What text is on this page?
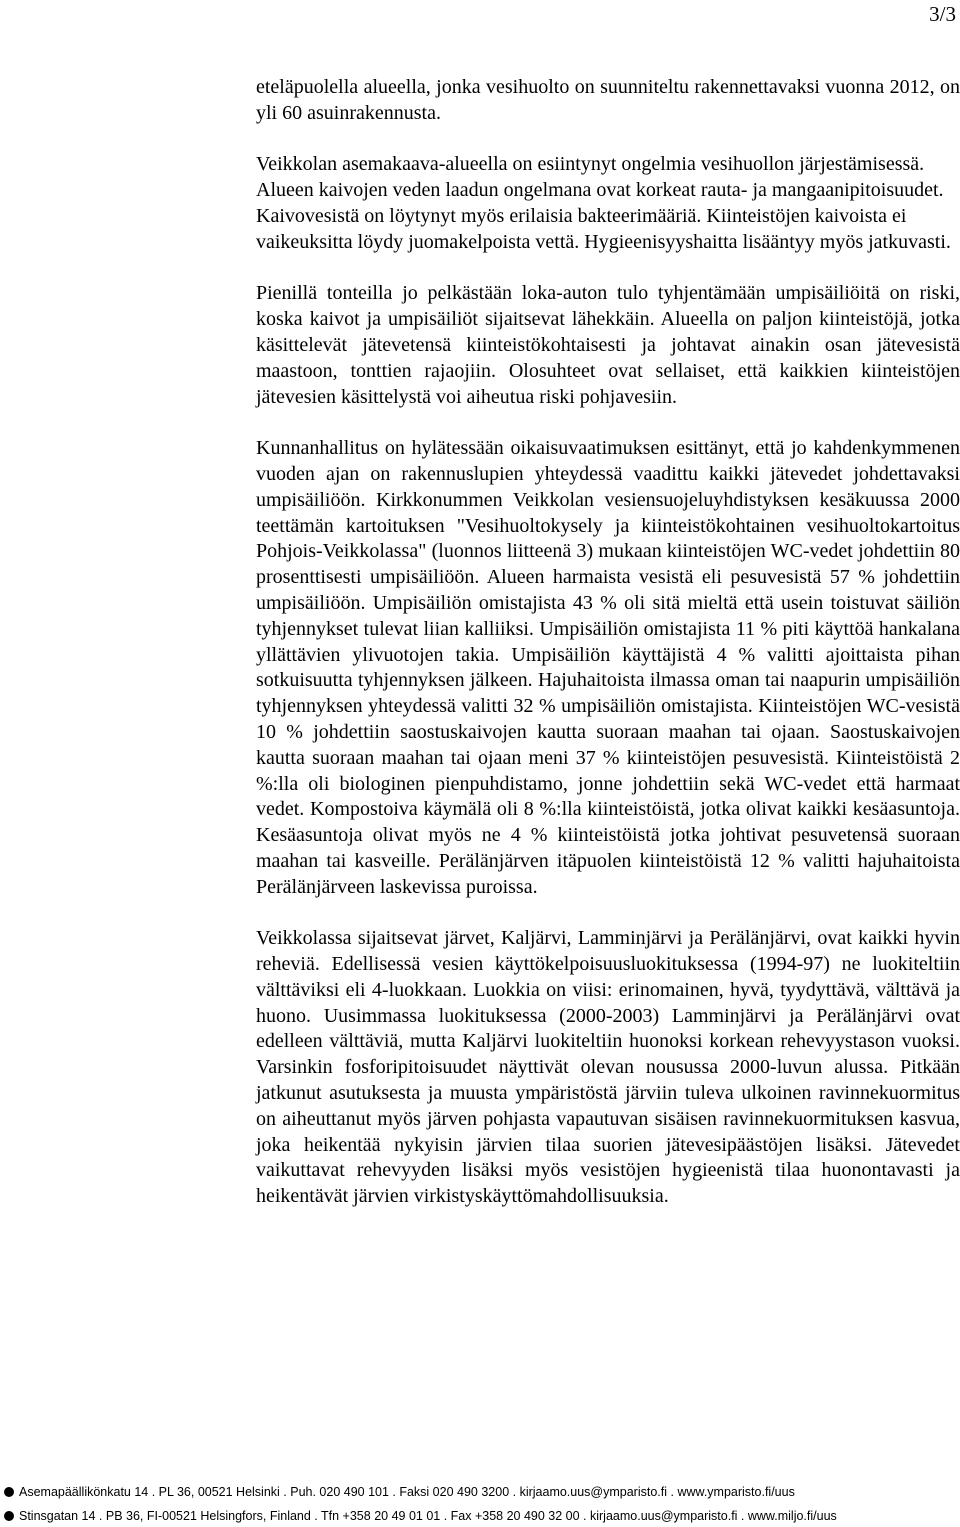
3/3

eteläpuolella alueella, jonka vesihuolto on suunniteltu rakennettavaksi vuonna 2012, on yli 60 asuinrakennusta.

Veikkolan asemakaava-alueella on esiintynyt ongelmia vesihuollon järjestämisessä. Alueen kaivojen veden laadun ongelmana ovat korkeat rauta- ja mangaanipitoisuudet. Kaivovesistä on löytynyt myös erilaisia bakteerimääriä. Kiinteistöjen kaivoista ei vaikeuksitta löydy juomakelpoista vettä. Hygieenisyyshaitta lisääntyy myös jatkuvasti.

Pienillä tonteilla jo pelkästään loka-auton tulo tyhjentämään umpisäiliöitä on riski, koska kaivot ja umpisäiliöt sijaitsevat lähekkäin. Alueella on paljon kiinteistöjä, jotka käsittelevät jätevetensä kiinteistökohtaisesti ja johtavat ainakin osan jätevesistä maastoon, tonttien rajaojiin. Olosuhteet ovat sellaiset, että kaikkien kiinteistöjen jätevesien käsittelystä voi aiheutua riski pohjavesiin.

Kunnanhallitus on hylätessään oikaisuvaatimuksen esittänyt, että jo kahdenkymmenen vuoden ajan on rakennuslupien yhteydessä vaadittu kaikki jätevedet johdettavaksi umpisäiliöön. Kirkkonummen Veikkolan vesiensuojeluyhdistyksen kesäkuussa 2000 teettämän kartoituksen "Vesihuoltokysely ja kiinteistökohtainen vesihuoltokartoitus Pohjois-Veikkolassa" (luonnos liitteenä 3) mukaan kiinteistöjen WC-vedet johdettiin 80 prosenttisesti umpisäiliöön. Alueen harmaista vesistä eli pesuvesistä 57 % johdettiin umpisäiliöön. Umpisäiliön omistajista 43 % oli sitä mieltä että usein toistuvat säiliön tyhjennykset tulevat liian kalliiksi. Umpisäiliön omistajista 11 % piti käyttöä hankalana yllättävien ylivuotojen takia. Umpisäiliön käyttäjistä 4 % valitti ajoittaista pihan sotkuisuutta tyhjennyksen jälkeen. Hajuhaitoista ilmassa oman tai naapurin umpisäiliön tyhjennyksen yhteydessä valitti 32 % umpisäiliön omistajista. Kiinteistöjen WC-vesistä 10 % johdettiin saostuskaivojen kautta suoraan maahan tai ojaan. Saostuskaivojen kautta suoraan maahan tai ojaan meni 37 % kiinteistöjen pesuvesistä. Kiinteistöistä 2 %:lla oli biologinen pienpuhdistamo, jonne johdettiin sekä WC-vedet että harmaat vedet. Kompostoiva käymälä oli 8 %:lla kiinteistöistä, jotka olivat kaikki kesäasuntoja. Kesäasuntoja olivat myös ne 4 % kiinteistöistä jotka johtivat pesuvetensä suoraan maahan tai kasveille. Perälänjärven itäpuolen kiinteistöistä 12 % valitti hajuhaitoista Perälänjärveen laskevissa puroissa.

Veikkolassa sijaitsevat järvet, Kaljärvi, Lamminjärvi ja Perälänjärvi, ovat kaikki hyvin reheviä. Edellisessä vesien käyttökelpoisuusluokituksessa (1994-97) ne luokiteltiin välttäviksi eli 4-luokkaan. Luokkia on viisi: erinomainen, hyvä, tyydyttävä, välttävä ja huono. Uusimmassa luokituksessa (2000-2003) Lamminjärvi ja Perälänjärvi ovat edelleen välttäviä, mutta Kaljärvi luokiteltiin huonoksi korkean rehevyystason vuoksi. Varsinkin fosforipitoisuudet näyttivät olevan nousussa 2000-luvun alussa. Pitkään jatkunut asutuksesta ja muusta ympäristöstä järviin tuleva ulkoinen ravinnekuormitus on aiheuttanut myös järven pohjasta vapautuvan sisäisen ravinnekuormituksen kasvua, joka heikentää nykyisin järvien tilaa suorien jätevesipäästöjen lisäksi. Jätevedet vaikuttavat rehevyyden lisäksi myös vesistöjen hygieenistä tilaa huonontavasti ja heikentävät järvien virkistyskäyttömahdollisuuksia.

Asemapäällikönkatu 14 . PL 36, 00521 Helsinki . Puh. 020 490 101 . Faksi 020 490 3200 . kirjaamo.uus@ymparisto.fi . www.ymparisto.fi/uus
Stinsgatan 14 . PB 36, FI-00521 Helsingfors, Finland . Tfn +358 20 49 01 01 . Fax +358 20 490 32 00 . kirjaamo.uus@ymparisto.fi . www.miljo.fi/uus
